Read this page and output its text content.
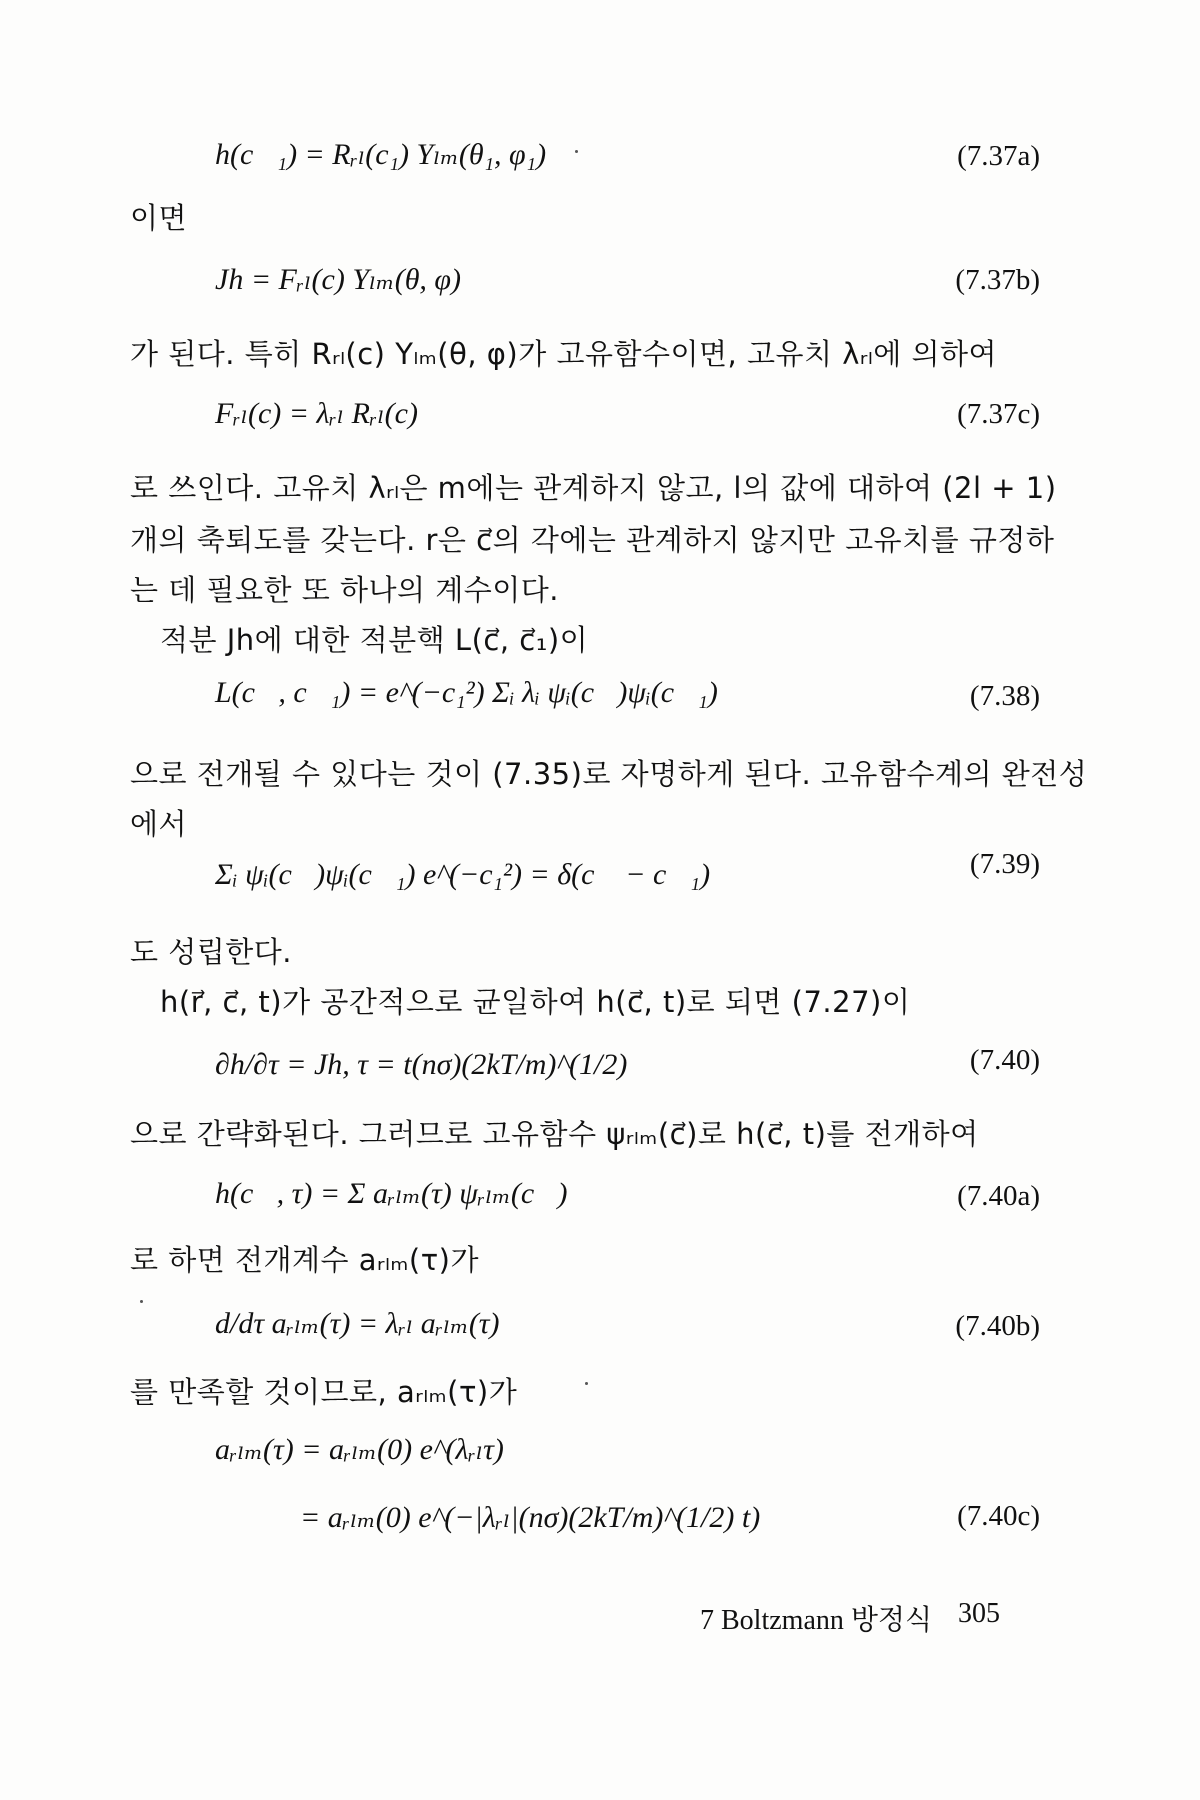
h(c⃗₁) = Rᵣₗ(c₁) Yₗₘ(θ₁, φ₁)	(7.37a)
이면
Jh = Fᵣₗ(c) Yₗₘ(θ, φ)	(7.37b)
가 된다. 특히 Rᵣₗ(c) Yₗₘ(θ, φ)가 고유함수이면, 고유치 λᵣₗ에 의하여
Fᵣₗ(c) = λᵣₗ Rᵣₗ(c)	(7.37c)
로 쓰인다. 고유치 λᵣₗ은 m에는 관계하지 않고, l의 값에 대하여 (2l + 1)
개의 축퇴도를 갖는다. r은 c⃗의 각에는 관계하지 않지만 고유치를 규정하
는 데 필요한 또 하나의 계수이다.
적분 Jh에 대한 적분핵 L(c⃗, c⃗₁)이
L(c⃗, c⃗₁) = e^(−c₁²) Σᵢ λᵢ ψᵢ(c⃗)ψᵢ(c⃗₁)	(7.38)
으로 전개될 수 있다는 것이 (7.35)로 자명하게 된다. 고유함수계의 완전성
에서
Σᵢ ψᵢ(c⃗)ψᵢ(c⃗₁) e^(−c₁²) = δ(c⃗ − c⃗₁)	(7.39)
도 성립한다.
h(r⃗, c⃗, t)가 공간적으로 균일하여 h(c⃗, t)로 되면 (7.27)이
∂h/∂τ = Jh, τ = t(nσ)(2kT/m)^(1/2)	(7.40)
으로 간략화된다. 그러므로 고유함수 ψᵣₗₘ(c⃗)로 h(c⃗, t)를 전개하여
h(c⃗, τ) = Σ aᵣₗₘ(τ) ψᵣₗₘ(c⃗)	(7.40a)
로 하면 전개계수 aᵣₗₘ(τ)가
d/dτ aᵣₗₘ(τ) = λᵣₗ aᵣₗₘ(τ)	(7.40b)
를 만족할 것이므로, aᵣₗₘ(τ)가
aᵣₗₘ(τ) = aᵣₗₘ(0) e^(λᵣₗτ)
= aᵣₗₘ(0) e^(−|λᵣₗ|(nσ)(2kT/m)^(1/2) t)	(7.40c)
7 Boltzmann 방정식 305
